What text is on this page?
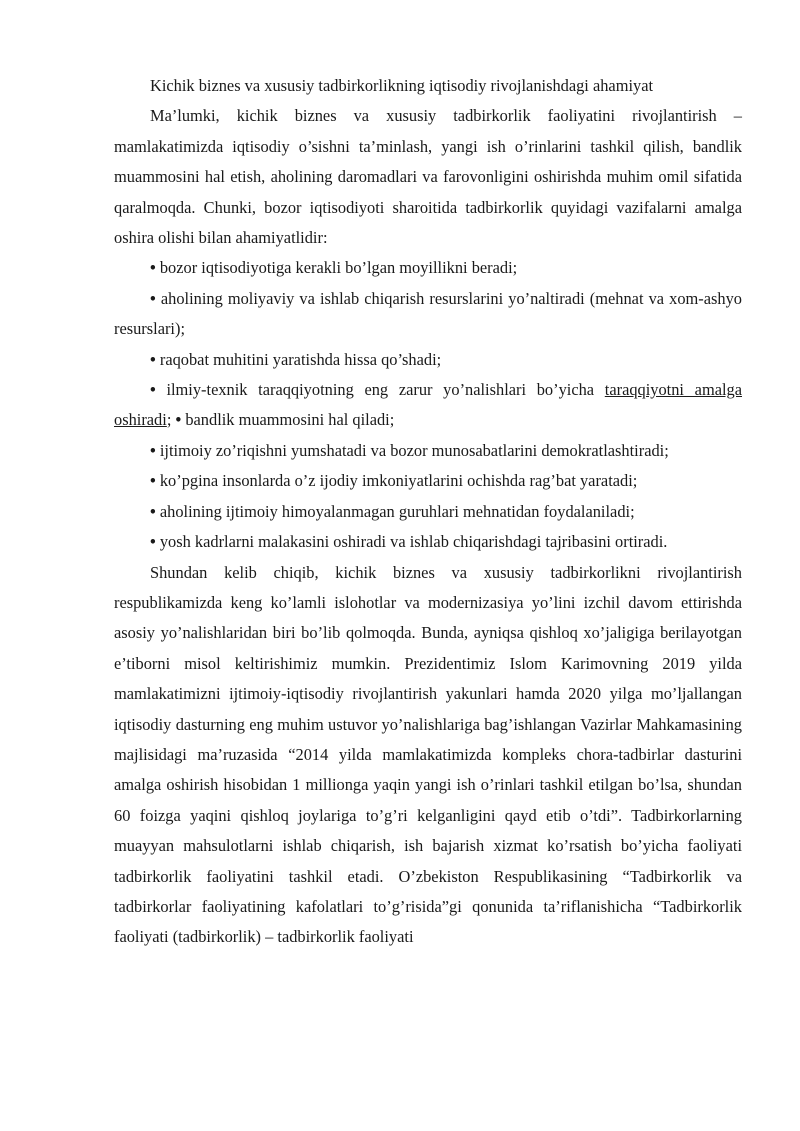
Kichik biznes va xususiy tadbirkorlikning iqtisodiy rivojlanishdagi ahamiyat

Ma’lumki, kichik biznes va xususiy tadbirkorlik faoliyatini rivojlantirish – mamlakatimizda iqtisodiy o’sishni ta’minlash, yangi ish o’rinlarini tashkil qilish, bandlik muammosini hal etish, aholining daromadlari va farovonligini oshirishda muhim omil sifatida qaralmoqda. Chunki, bozor iqtisodiyoti sharoitida tadbirkorlik quyidagi vazifalarni amalga oshira olishi bilan ahamiyatlidir:

• bozor iqtisodiyotiga kerakli bo’lgan moyillikni beradi;

• aholining moliyaviy va ishlab chiqarish resurslarini yo’naltiradi (mehnat va xom-ashyo resurslari);

• raqobat muhitini yaratishda hissa qo’shadi;

• ilmiy-texnik taraqqiyotning eng zarur yo’nalishlari bo’yicha taraqqiyotni amalga oshiradi; • bandlik muammosini hal qiladi;

• ijtimoiy zo’riqishni yumshatadi va bozor munosabatlarini demokratlashtiradi;

• ko’pgina insonlarda o’z ijodiy imkoniyatlarini ochishda rag’bat yaratadi;

• aholining ijtimoiy himoyalanmagan guruhlari mehnatidan foydalaniladi;

• yosh kadrlarni malakasini oshiradi va ishlab chiqarishdagi tajribasini ortiradi.

Shundan kelib chiqib, kichik biznes va xususiy tadbirkorlikni rivojlantirish respublikamizda keng ko’lamli islohotlar va modernizasiya yo’lini izchil davom ettirishda asosiy yo’nalishlaridan biri bo’lib qolmoqda. Bunda, ayniqsa qishloq xo’jaligiga berilayotgan e’tiborni misol keltirishimiz mumkin. Prezidentimiz Islom Karimovning 2019 yilda mamlakatimizni ijtimoiy-iqtisodiy rivojlantirish yakunlari hamda 2020 yilga mo’ljallangan iqtisodiy dasturning eng muhim ustuvor yo’nalishlariga bag’ishlangan Vazirlar Mahkamasining majlisidagi ma’ruzasida “2014 yilda mamlakatimizda kompleks chora-tadbirlar dasturini amalga oshirish hisobidan 1 millionga yaqin yangi ish o’rinlari tashkil etilgan bo’lsa, shundan 60 foizga yaqini qishloq joylariga to’g’ri kelganligini qayd etib o’tdi”. Tadbirkorlarning muayyan mahsulotlarni ishlab chiqarish, ish bajarish xizmat ko’rsatish bo’yicha faoliyati tadbirkorlik faoliyatini tashkil etadi. O’zbekiston Respublikasining “Tadbirkorlik va tadbirkorlar faoliyatining kafolatlari to’g’risida”gi qonunida ta’riflanishicha “Tadbirkorlik faoliyati (tadbirkorlik) – tadbirkorlik faoliyati
